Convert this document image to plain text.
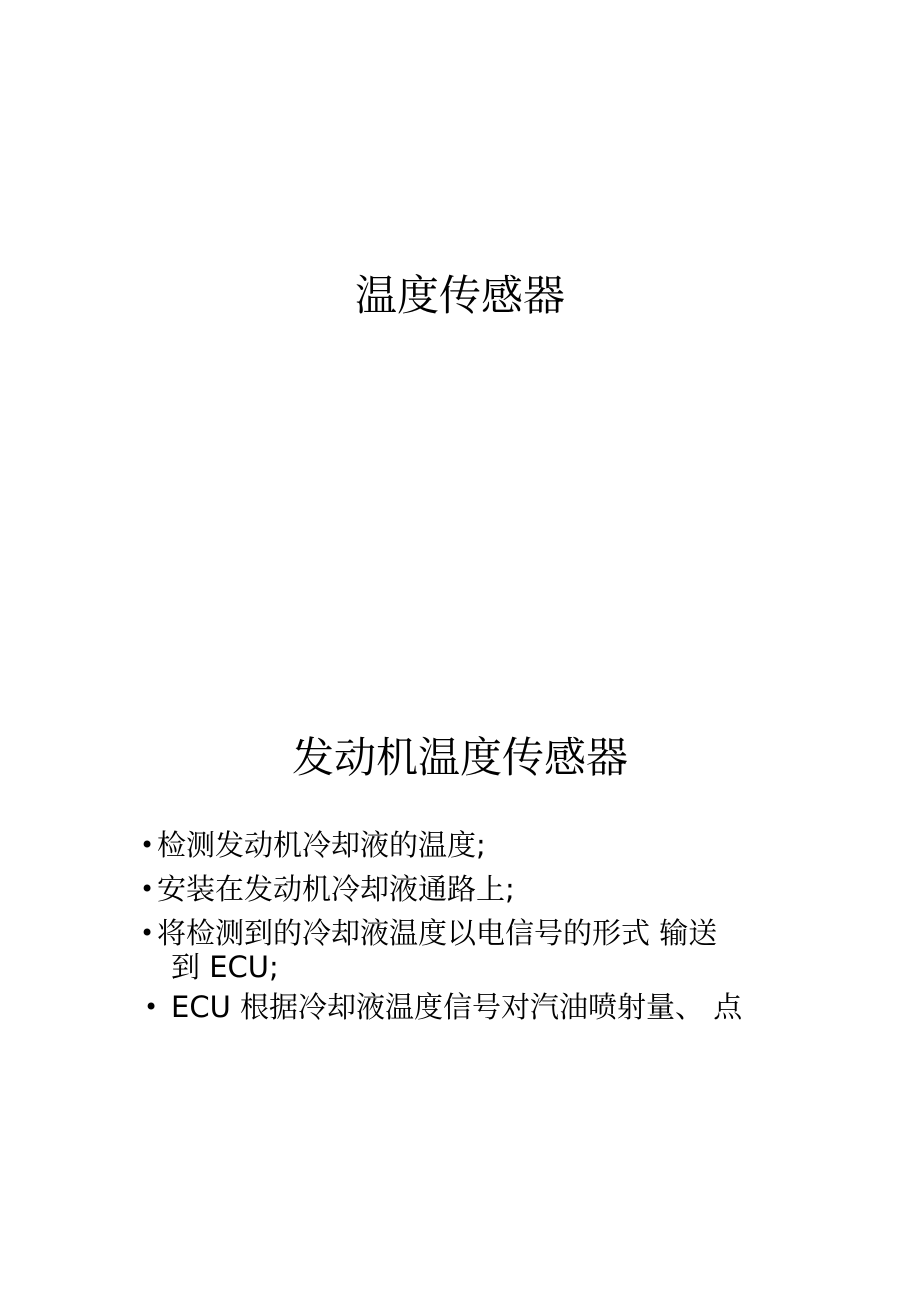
温度传感器
发动机温度传感器
• 检测发动机冷却液的温度;
• 安装在发动机冷却液通路上;
• 将检测到的冷却液温度以电信号的形式 输送
到 ECU;
• ECU 根据冷却液温度信号对汽油喷射量、 点
